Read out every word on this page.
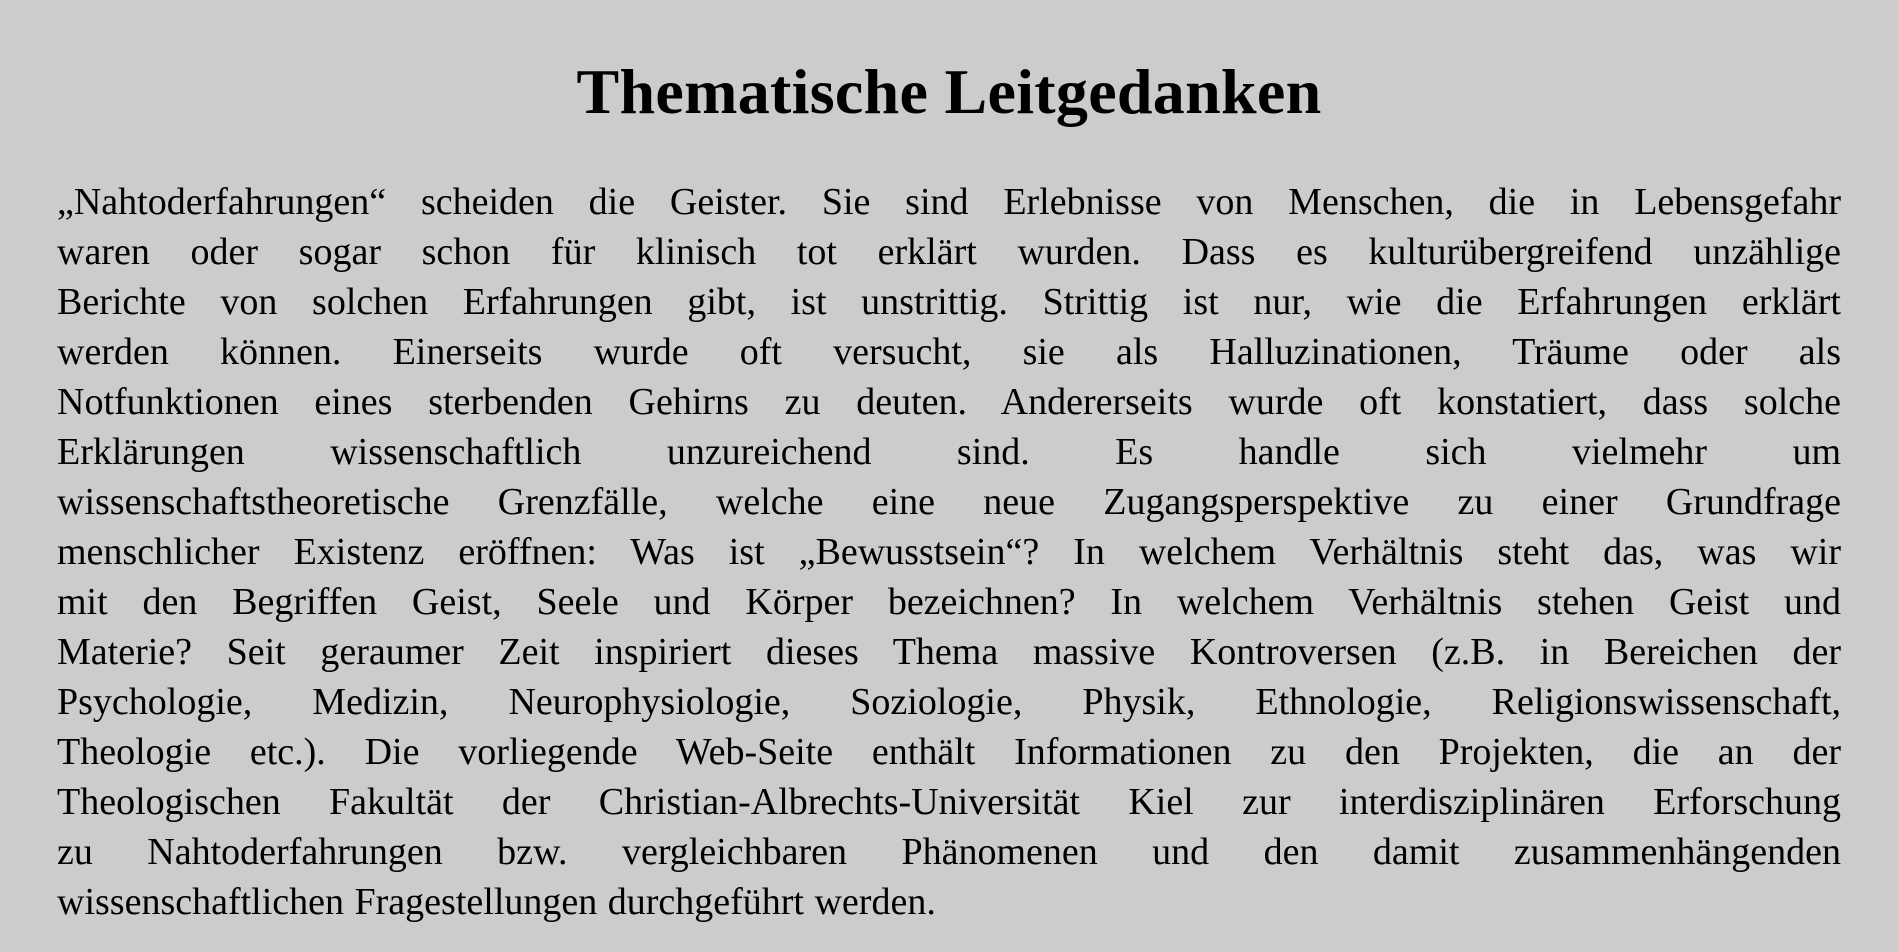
Thematische Leitgedanken

„Nahtoderfahrungen“ scheiden die Geister. Sie sind Erlebnisse von Menschen, die in Lebensgefahr
waren oder sogar schon für klinisch tot erklärt wurden. Dass es kulturübergreifend unzählige
Berichte von solchen Erfahrungen gibt, ist unstrittig. Strittig ist nur, wie die Erfahrungen erklärt
werden können. Einerseits wurde oft versucht, sie als Halluzinationen, Träume oder als
Notfunktionen eines sterbenden Gehirns zu deuten. Andererseits wurde oft konstatiert, dass solche
Erklärungen wissenschaftlich unzureichend sind. Es handle sich vielmehr um
wissenschaftstheoretische Grenzfälle, welche eine neue Zugangsperspektive zu einer Grundfrage
menschlicher Existenz eröffnen: Was ist „Bewusstsein“? In welchem Verhältnis steht das, was wir
mit den Begriffen Geist, Seele und Körper bezeichnen? In welchem Verhältnis stehen Geist und
Materie? Seit geraumer Zeit inspiriert dieses Thema massive Kontroversen (z.B. in Bereichen der
Psychologie, Medizin, Neurophysiologie, Soziologie, Physik, Ethnologie, Religionswissenschaft,
Theologie etc.). Die vorliegende Web-Seite enthält Informationen zu den Projekten, die an der
Theologischen Fakultät der Christian-Albrechts-Universität Kiel zur interdisziplinären Erforschung
zu Nahtoderfahrungen bzw. vergleichbaren Phänomenen und den damit zusammenhängenden
wissenschaftlichen Fragestellungen durchgeführt werden.
